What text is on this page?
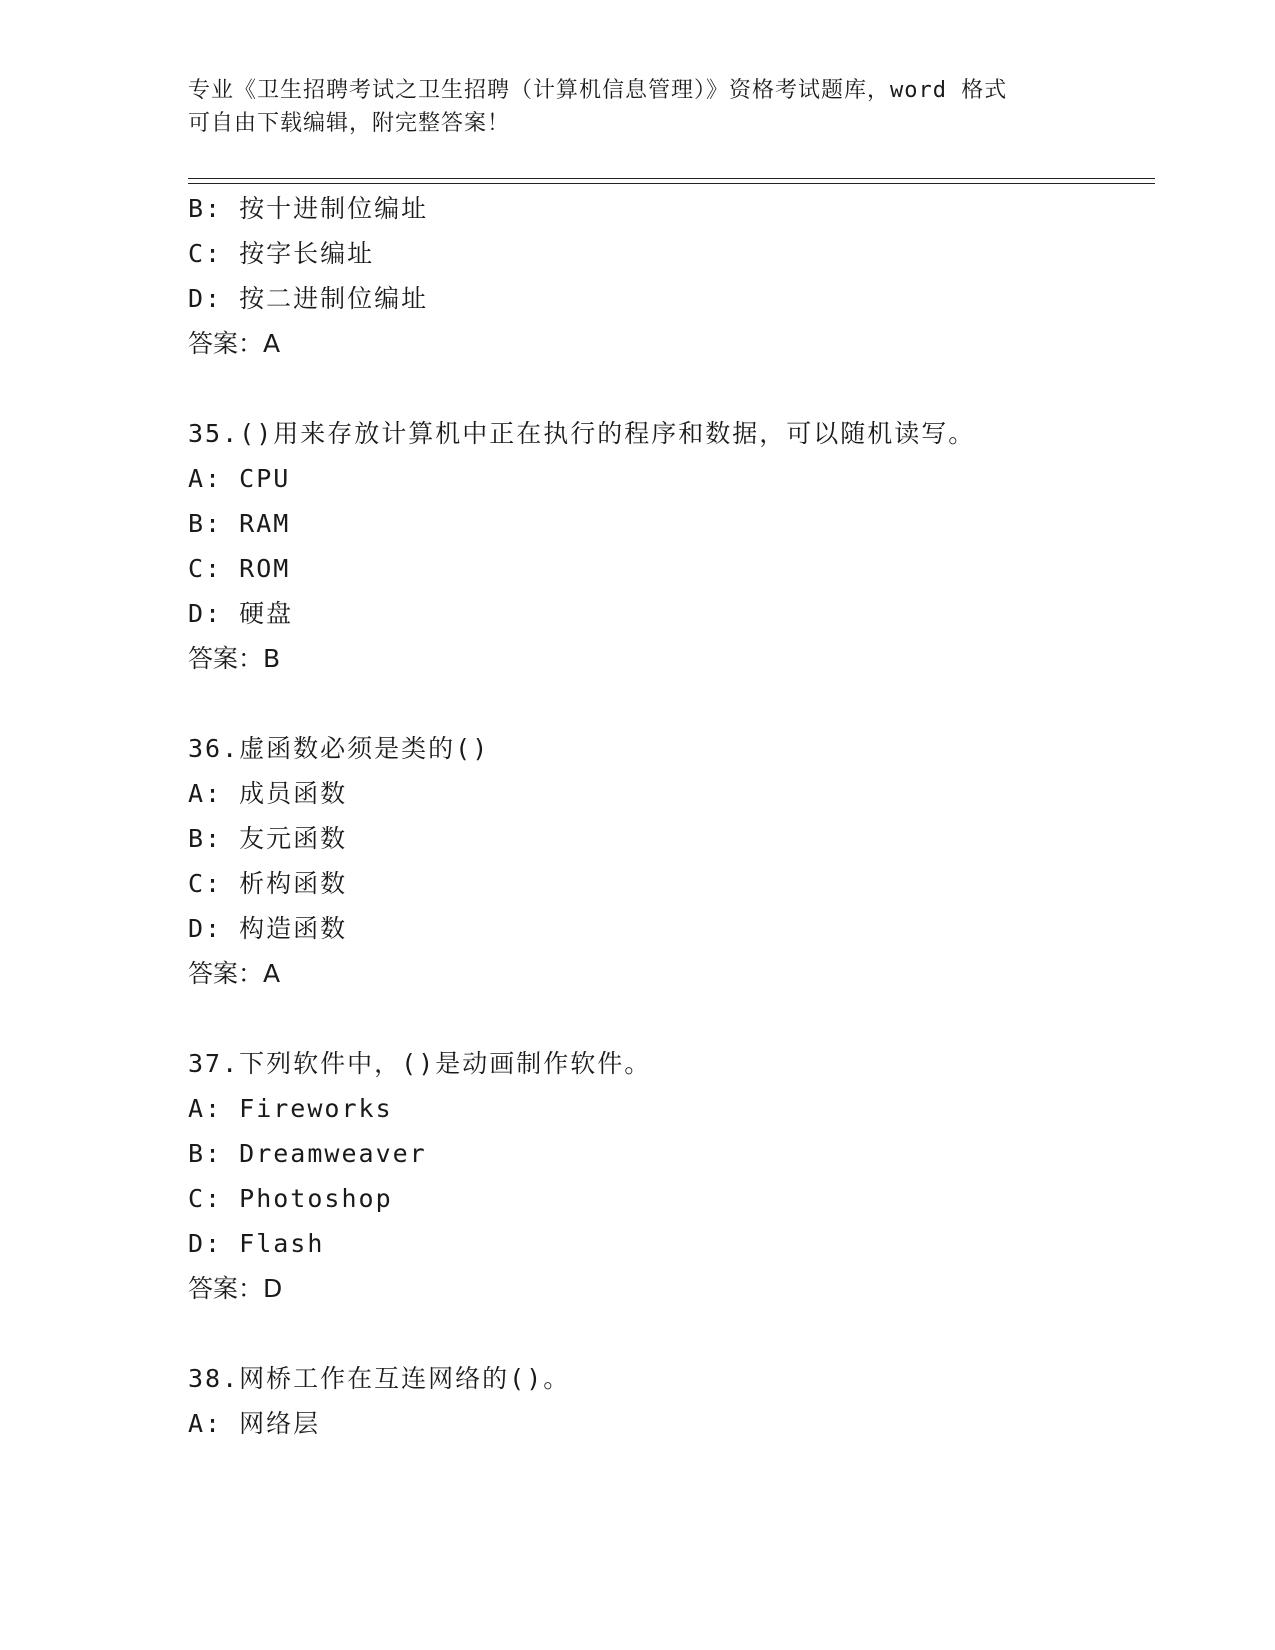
专业《卫生招聘考试之卫生招聘（计算机信息管理）》资格考试题库，word 格式
可自由下载编辑，附完整答案！
B: 按十进制位编址
C: 按字长编址
D: 按二进制位编址
答案：A
35.()用来存放计算机中正在执行的程序和数据，可以随机读写。
A: CPU
B: RAM
C: ROM
D: 硬盘
答案：B
36.虚函数必须是类的()
A: 成员函数
B: 友元函数
C: 析构函数
D: 构造函数
答案：A
37.下列软件中，()是动画制作软件。
A: Fireworks
B: Dreamweaver
C: Photoshop
D: Flash
答案：D
38.网桥工作在互连网络的()。
A: 网络层
